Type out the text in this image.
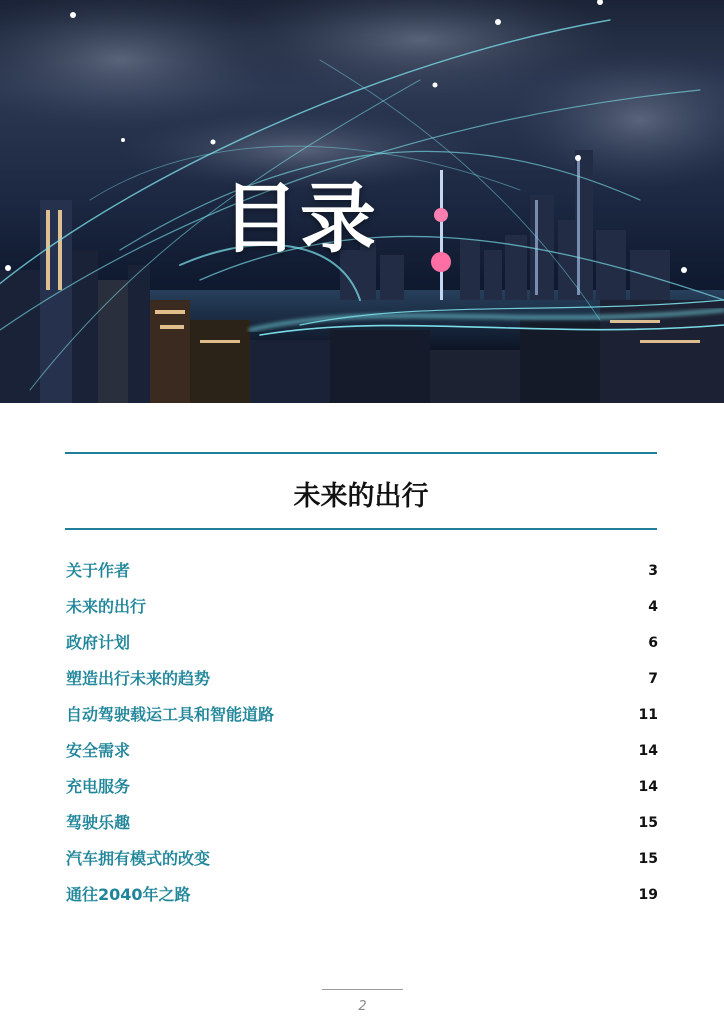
目录
未来的出行
关于作者	3
未来的出行	4
政府计划	6
塑造出行未来的趋势	7
自动驾驶载运工具和智能道路	11
安全需求	14
充电服务	14
驾驶乐趣	15
汽车拥有模式的改变	15
通往2040年之路	19
2
